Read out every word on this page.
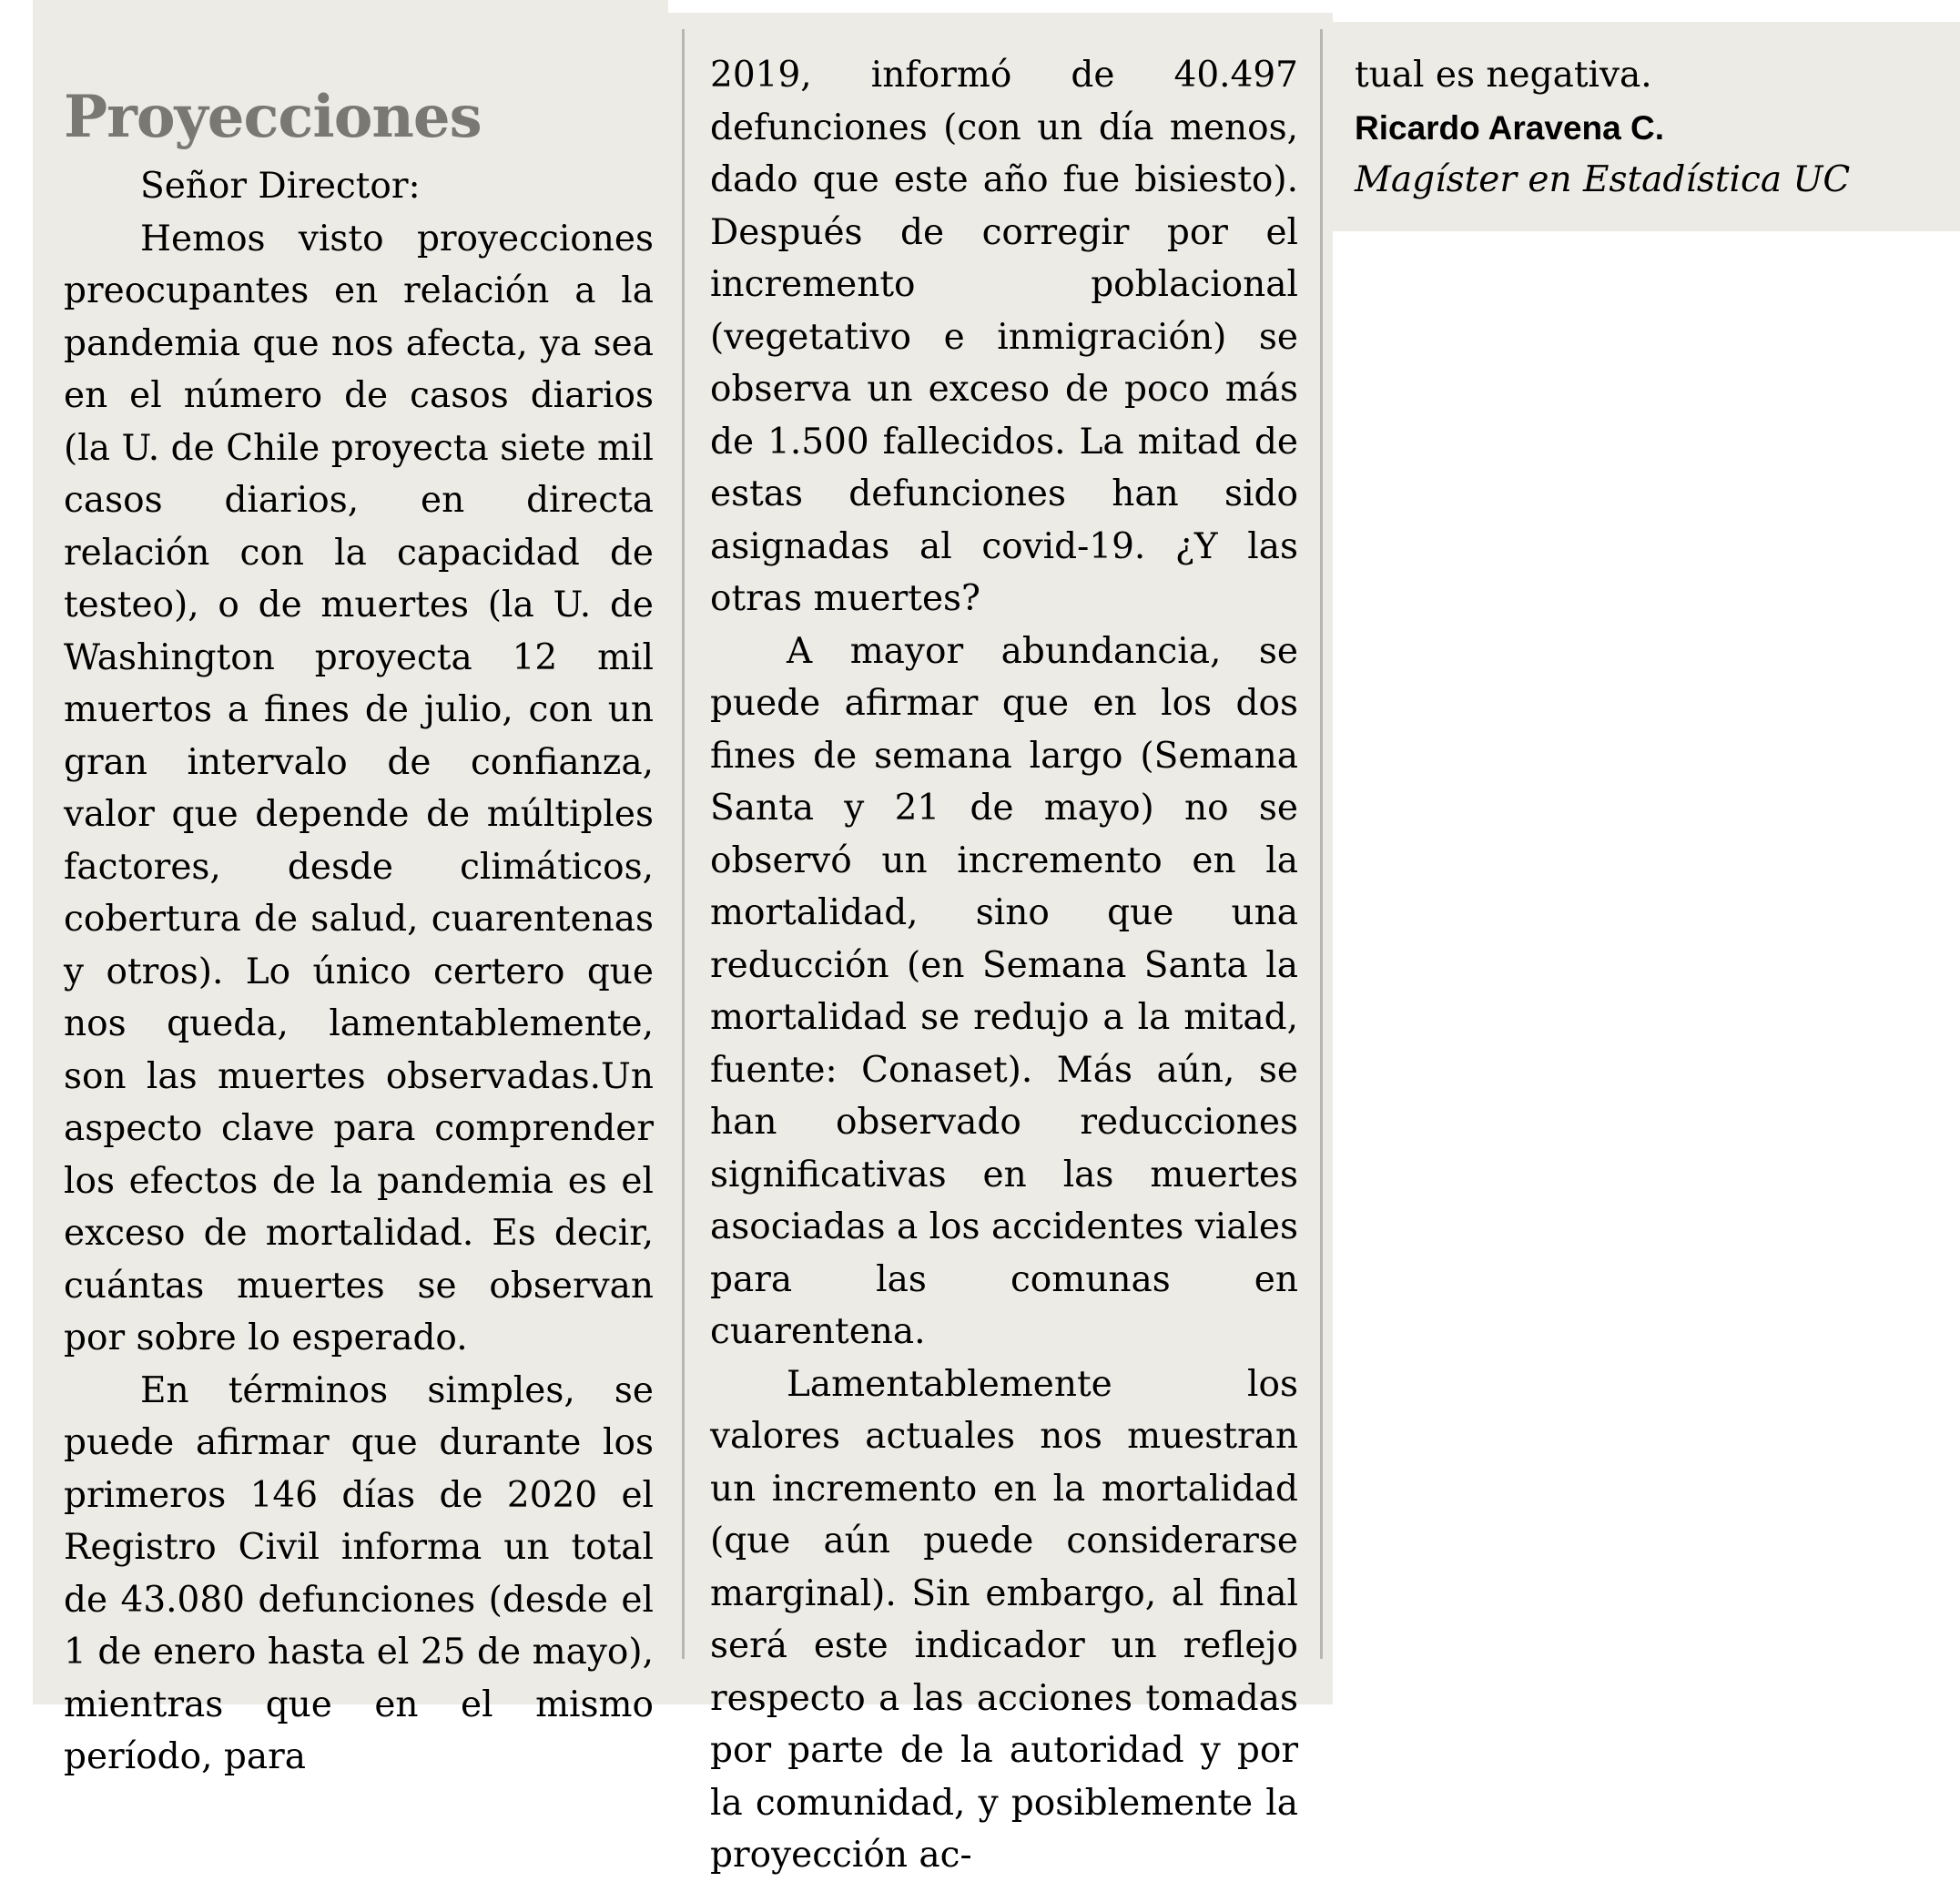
Proyecciones

Señor Director:

Hemos visto proyecciones preocupantes en relación a la pandemia que nos afecta, ya sea en el número de casos diarios (la U. de Chile proyecta siete mil casos diarios, en directa relación con la capacidad de testeo), o de muertes (la U. de Washington proyecta 12 mil muertos a fines de julio, con un gran intervalo de confianza, valor que depende de múltiples factores, desde climáticos, cobertura de salud, cuarentenas y otros). Lo único certero que nos queda, lamentablemente, son las muertes observadas.Un aspecto clave para comprender los efectos de la pandemia es el exceso de mortalidad. Es decir, cuántas muertes se observan por sobre lo esperado.

En términos simples, se puede afirmar que durante los primeros 146 días de 2020 el Registro Civil informa un total de 43.080 defunciones (desde el 1 de enero hasta el 25 de mayo), mientras que en el mismo período, para

2019, informó de 40.497 defunciones (con un día menos, dado que este año fue bisiesto). Después de corregir por el incremento poblacional (vegetativo e inmigración) se observa un exceso de poco más de 1.500 fallecidos. La mitad de estas defunciones han sido asignadas al covid-19. ¿Y las otras muertes?

A mayor abundancia, se puede afirmar que en los dos fines de semana largo (Semana Santa y 21 de mayo) no se observó un incremento en la mortalidad, sino que una reducción (en Semana Santa la mortalidad se redujo a la mitad, fuente: Conaset). Más aún, se han observado reducciones significativas en las muertes asociadas a los accidentes viales para las comunas en cuarentena.

Lamentablemente los valores actuales nos muestran un incremento en la mortalidad (que aún puede considerarse marginal). Sin embargo, al final será este indicador un reflejo respecto a las acciones tomadas por parte de la autoridad y por la comunidad, y posiblemente la proyección ac-

tual es negativa.

Ricardo Aravena C.

Magíster en Estadística UC
